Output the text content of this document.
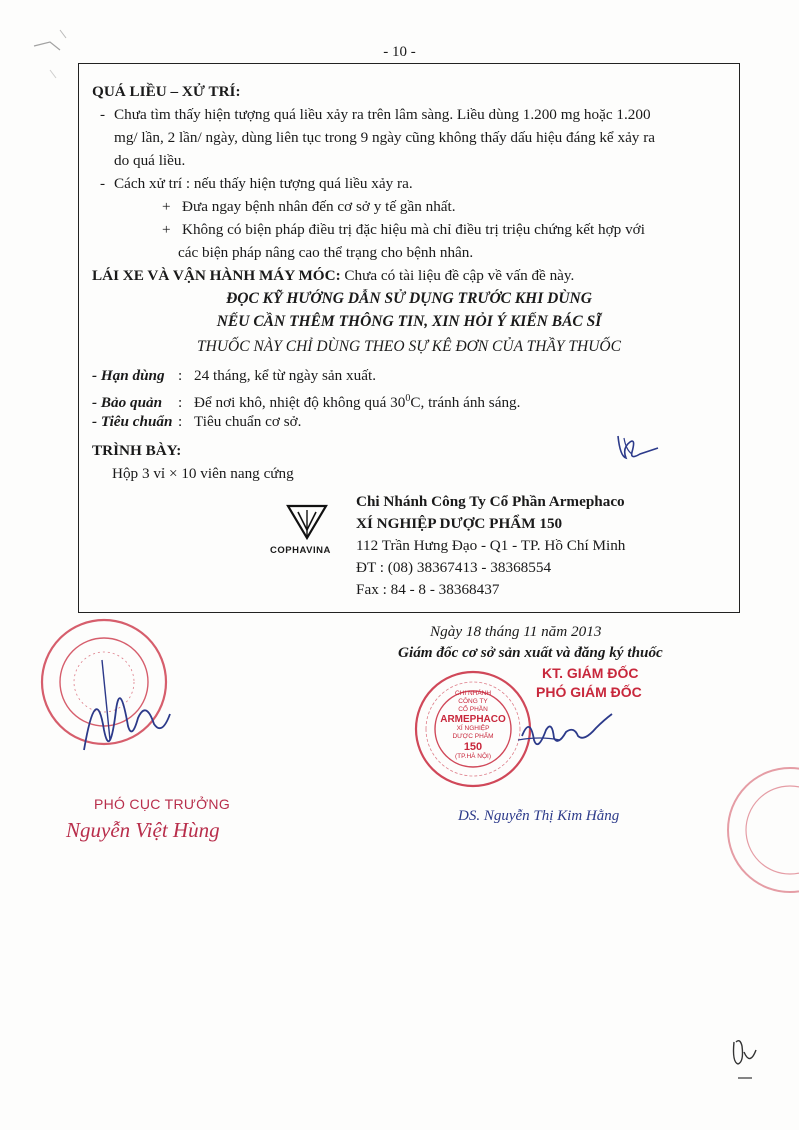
- 10 -
QUÁ LIỀU – XỬ TRÍ:
- Chưa tìm thấy hiện tượng quá liều xảy ra trên lâm sàng. Liều dùng 1.200 mg hoặc 1.200
mg/ lần, 2 lần/ ngày, dùng liên tục trong 9 ngày cũng không thấy dấu hiệu đáng kể xảy ra
do quá liều.
- Cách xử trí : nếu thấy hiện tượng quá liều xảy ra.
+ Đưa ngay bệnh nhân đến cơ sở y tế gần nhất.
+ Không có biện pháp điều trị đặc hiệu mà chỉ điều trị triệu chứng kết hợp với
các biện pháp nâng cao thể trạng cho bệnh nhân.
LÁI XE VÀ VẬN HÀNH MÁY MÓC: Chưa có tài liệu đề cập về vấn đề này.
ĐỌC KỸ HƯỚNG DẪN SỬ DỤNG TRƯỚC KHI DÙNG
NẾU CẦN THÊM THÔNG TIN, XIN HỎI Ý KIẾN BÁC SĨ
THUỐC NÀY CHỈ DÙNG THEO SỰ KÊ ĐƠN CỦA THẦY THUỐC
- Hạn dùng : 24 tháng, kể từ ngày sản xuất.
- Bảo quản : Để nơi khô, nhiệt độ không quá $30^0C$, tránh ánh sáng.
- Tiêu chuẩn : Tiêu chuẩn cơ sở.
TRÌNH BÀY:
Hộp 3 vỉ × 10 viên nang cứng
COPHAVINA
Chi Nhánh Công Ty Cổ Phần Armephaco
XÍ NGHIỆP DƯỢC PHẨM 150
112 Trần Hưng Đạo - Q1 - TP. Hồ Chí Minh
ĐT : (08) 38367413 - 38368554
Fax : 84 - 8 - 38368437
Ngày 18 tháng 11 năm 2013
Giám đốc cơ sở sản xuất và đăng ký thuốc
KT. GIÁM ĐỐC
PHÓ GIÁM ĐỐC
CHI NHÁNH
CÔNG TY
CỔ PHẦN
ARMEPHACO
XÍ NGHIỆP
DƯỢC PHẨM
150
(TP.HÀ NỘI)
DS. Nguyễn Thị Kim Hằng
PHÓ CỤC TRƯỞNG
Nguyễn Việt Hùng
